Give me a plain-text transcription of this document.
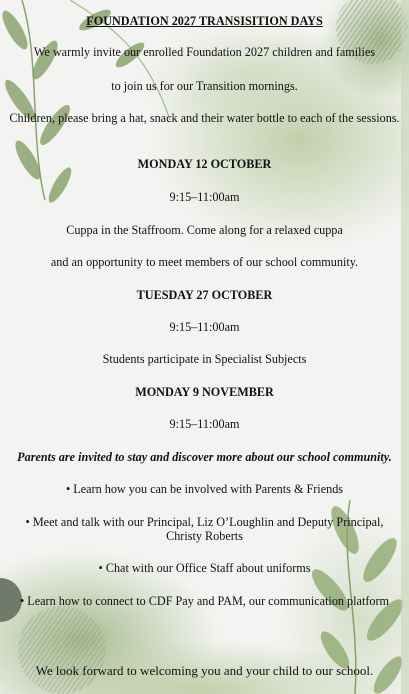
FOUNDATION 2027 TRANSISITION DAYS
We warmly invite our enrolled Foundation 2027 children and families
to join us for our Transition mornings.
Children, please bring a hat, snack and their water bottle to each of the sessions.
MONDAY 12 OCTOBER
9:15–11:00am
Cuppa in the Staffroom. Come along for a relaxed cuppa
and an opportunity to meet members of our school community.
TUESDAY 27 OCTOBER
9:15–11:00am
Students participate in Specialist Subjects
MONDAY 9 NOVEMBER
9:15–11:00am
Parents are invited to stay and discover more about our school community.
• Learn how you can be involved with Parents & Friends
• Meet and talk with our Principal, Liz O’Loughlin and Deputy Principal, Christy Roberts
• Chat with our Office Staff about uniforms
• Learn how to connect to CDF Pay and PAM, our communication platform
We look forward to welcoming you and your child to our school.
